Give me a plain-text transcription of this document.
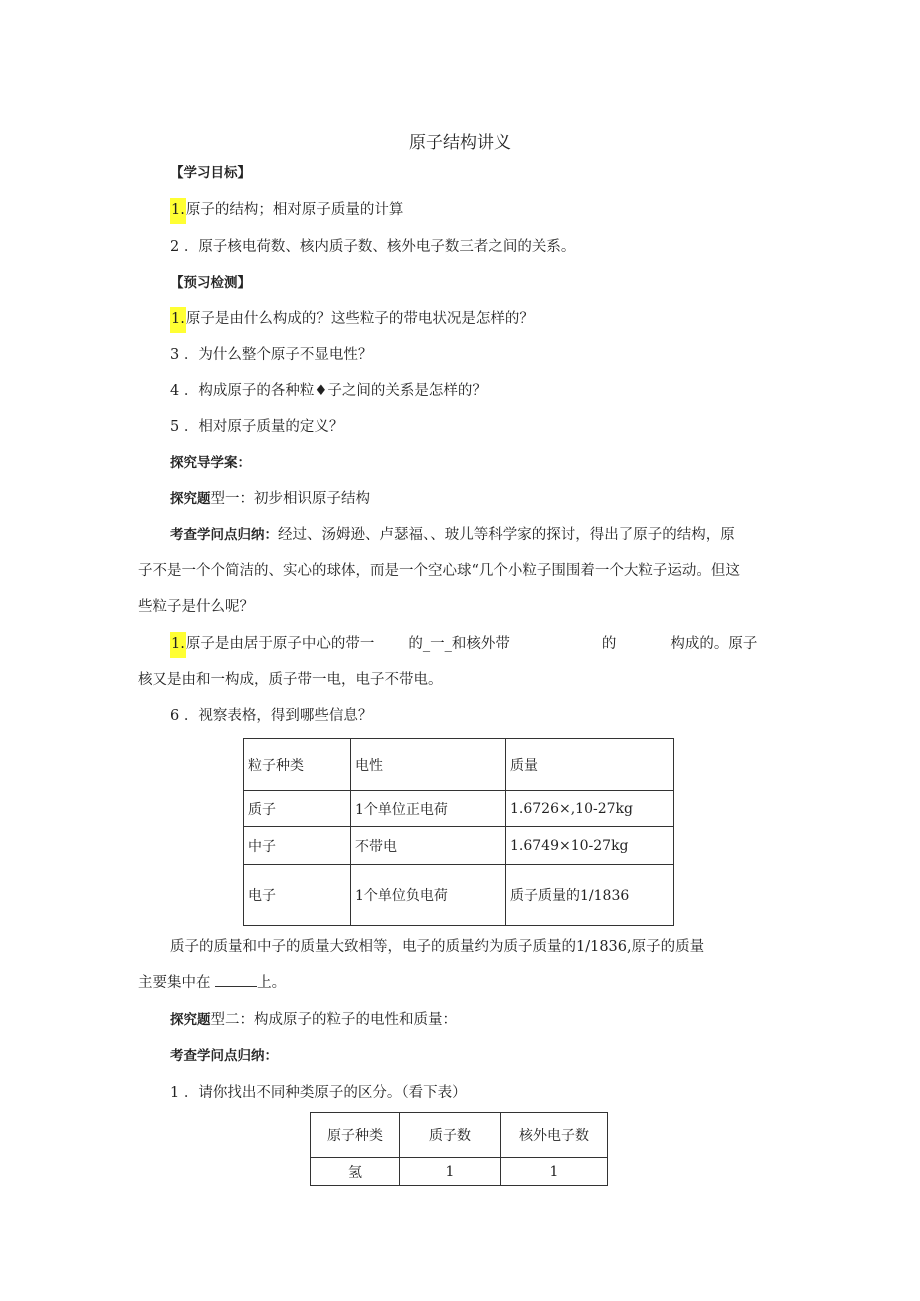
原子结构讲义
【学习目标】
1.原子的结构；相对原子质量的计算
2 ．原子核电荷数、核内质子数、核外电子数三者之间的关系。
【预习检测】
1.原子是由什么构成的？这些粒子的带电状况是怎样的？
3 ．为什么整个原子不显电性？
4 ．构成原子的各种粒♦子之间的关系是怎样的？
5 ．相对原子质量的定义？
探究导学案：
探究题型一：初步相识原子结构
考查学问点归纳：经过、汤姆逊、卢瑟福、、玻儿等科学家的探讨，得出了原子的结构，原
子不是一个个简洁的、实心的球体，而是一个空心球“几个小粒子围围着一个大粒子运动。但这
些粒子是什么呢？
1.原子是由居于原子中心的带一 的_一_和核外带	的	构成的。原子
核又是由和一构成，质子带一电，电子不带电。
6 ．视察表格，得到哪些信息？
粒子种类	电性	质量
质子	1个单位正电荷	1.6726×,10-27kg
中子	不带电	1.6749×10-27kg
电子	1个单位负电荷	质子质量的1/1836
质子的质量和中子的质量大致相等，电子的质量约为质子质量的1/1836,原子的质量
主要集中在	上。
探究题型二：构成原子的粒子的电性和质量：
考查学问点归纳：
1 ．请你找出不同种类原子的区分。（看下表）
原子种类	质子数	核外电子数
氢	1	1
